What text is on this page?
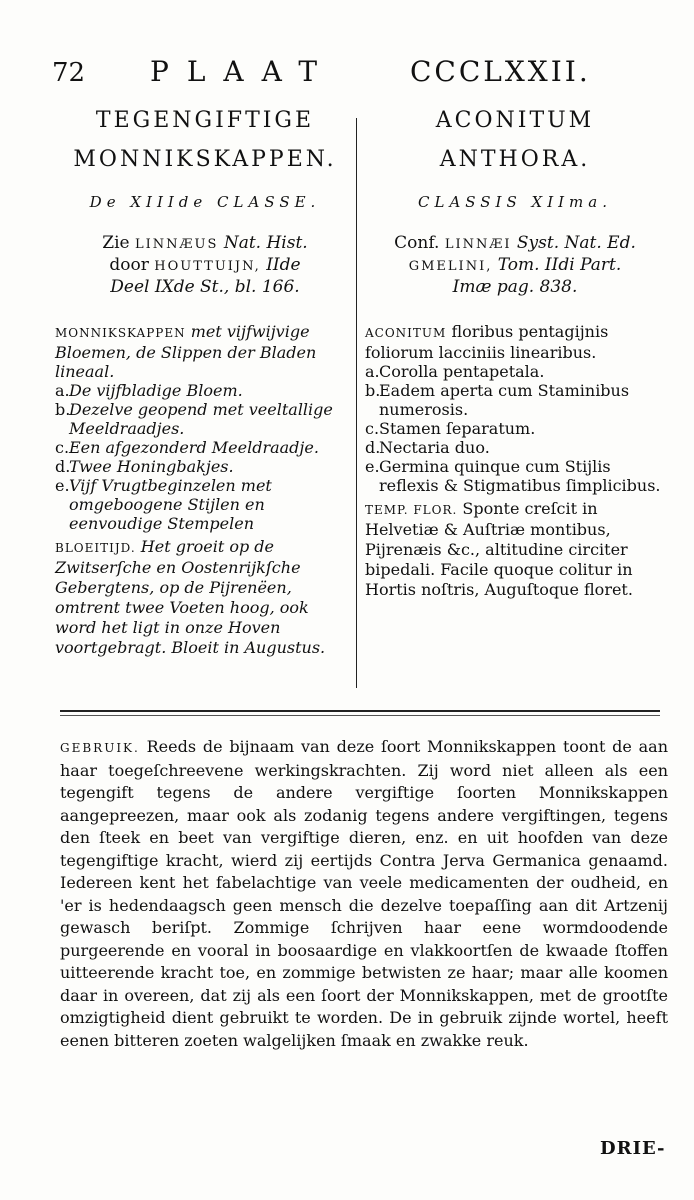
72 PLAAT	CCCLXXII.
TEGENGIFTIGE
MONNIKSKAPPEN.
De XIIIde CLASSE.
Zie LINNÆUS Nat. Hist.
door HOUTTUIJN, IIde
Deel IXde St., bl. 166.
MONNIKSKAPPEN met vijfwijvige Bloemen, de Slippen der Bladen lineaal.
a. De vijfbladige Bloem.
b.
Dezelve geopend met veeltallige Meeldraadjes.
c. Een afgezonderd Meeldraadje.
d.
Twee Honingbakjes.
e. Vijf Vrugtbeginzelen met omgeboogene Stijlen en eenvoudige Stempelen
BLOEITIJD. Het groeit op de Zwitserſche en Oostenrijkſche Gebergtens, op de Pijrenëen, omtrent twee Voeten hoog, ook word het ligt in onze Hoven voortgebragt. Bloeit in Augustus.
ACONITUM
ANTHORA.
CLASSIS XIIma.
Conf. LINNÆI Syst. Nat. Ed.
GMELINI, Tom. IIdi Part.
Imæ pag. 838.
ACONITUM floribus pentagijnis foliorum lacciniis linearibus.
a. Corolla pentapetala.
b.
Eadem aperta cum Staminibus numerosis.
c. Stamen ſeparatum.
d.
Nectaria duo.
e. Germina quinque cum Stijlis reflexis & Stigmatibus ſimplicibus.
TEMP. FLOR. Sponte creſcit in Helvetiæ & Auſtriæ montibus, Pijrenæis &c., altitudine circiter bipedali. Facile quoque colitur in Hortis noſtris, Auguſtoque floret.
GEBRUIK. Reeds de bijnaam van deze ſoort Monnikskappen toont de aan haar toegeſchreevene werkingskrachten. Zij word niet alleen als een tegengift tegens de andere vergiftige ſoorten Monnikskappen aangepreezen, maar ook als zodanig tegens andere vergiftingen, tegens den ſteek en beet van vergiftige dieren, enz. en uit hoofden van deze tegengiftige kracht, wierd zij eertijds Contra Jerva Germanica genaamd. Iedereen kent het fabelachtige van veele medicamenten der oudheid, en 'er is hedendaagsch geen mensch die dezelve toepaſſing aan dit Artzenij gewasch beriſpt. Zommige ſchrijven haar eene wormdoodende purgeerende en vooral in boosaardige en vlakkoortſen de kwaade ſtoffen uitteerende kracht toe, en zommige betwisten ze haar; maar alle koomen daar in overeen, dat zij als een ſoort der Monnikskappen, met de grootſte omzigtigheid dient gebruikt te worden. De in gebruik zijnde wortel, heeft eenen bitteren zoeten walgelijken ſmaak en zwakke reuk.
DRIE-
